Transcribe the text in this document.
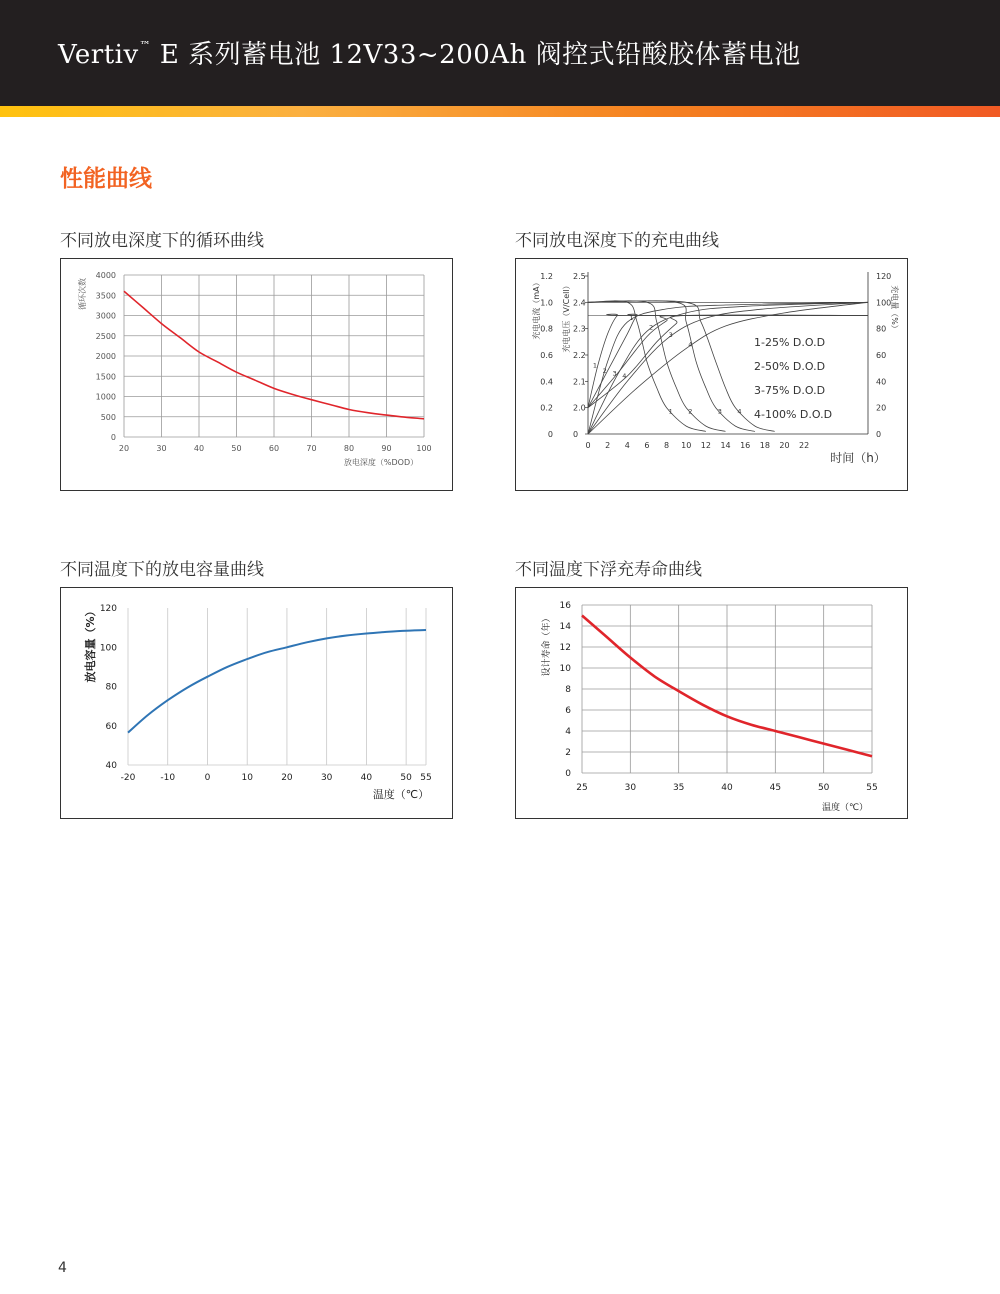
Vertiv™ E 系列蓄电池 12V33~200Ah 阀控式铅酸胶体蓄电池
性能曲线
不同放电深度下的循环曲线
20	30	40	50	60	70	80	90	100
0
500
1000
1500
2000
2500
3000
3500
4000
循环次数
放电深度（%DOD）
不同放电深度下的充电曲线
0
0.2
0.4
0.6
0.8
1.0
1.2
0
2.0
2.1
2.2
2.3
2.4
2.5
0
20
40
60
80
100
120
0 2 4 6 8 10 12 14 16 18 20 22
充电电流（mA）	充电电压（V/Cell）	充电量（%）
时间（h）
1 2	3 4
1
2 3 4
1
2
3
4	1-25% D.O.D
2-50% D.O.D
3-75% D.O.D
4-100% D.O.D
不同温度下的放电容量曲线
-20	-10	0	10	20	30	40	50 55
40
60
80
100
120
放电容量（%）
温度（℃）
不同温度下浮充寿命曲线
25	30	35	40	45	50	55
0
2
4
6
8
10
12
14
16
设计寿命（年）
温度（℃）
4
